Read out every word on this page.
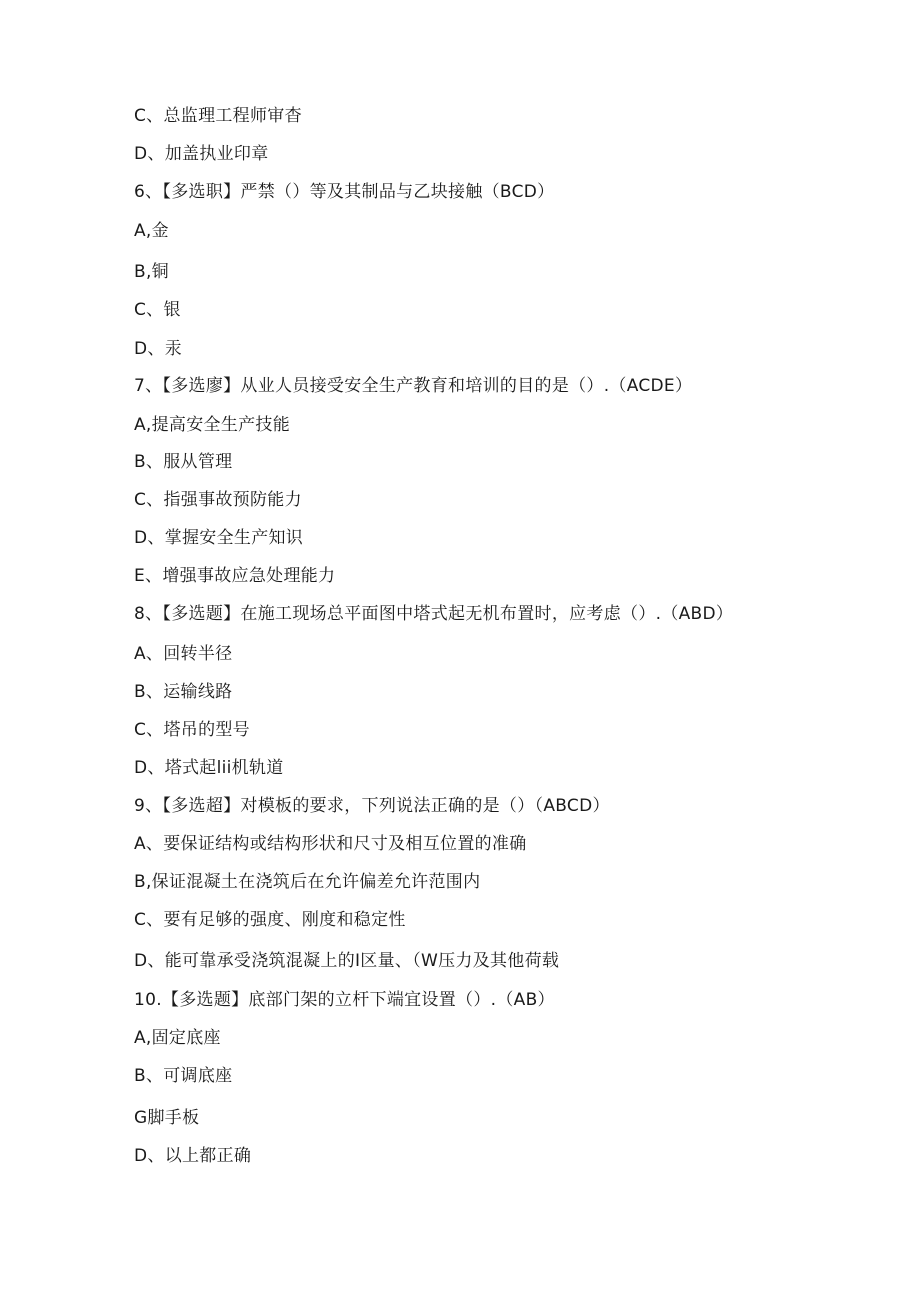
C、总监理工程师审杳
D、加盖执业印章
6、【多选职】严禁（）等及其制品与乙块接触（BCD）
A,金
B,铜
C、银
D、汞
7、【多选廖】从业人员接受安全生产教育和培训的目的是（）.（ACDE）
A,提高安全生产技能
B、服从管理
C、指强事故预防能力
D、掌握安全生产知识
E、增强事故应急处理能力
8、【多选题】在施工现场总平面图中塔式起无机布置时，应考虑（）.（ABD）
A、回转半径
B、运输线路
C、塔吊的型号
D、塔式起lii机轨道
9、【多选超】对模板的要求，下列说法正确的是（）（ABCD）
A、要保证结构或结构形状和尺寸及相互位置的准确
B,保证混凝土在浇筑后在允许偏差允许范围内
C、要有足够的强度、刚度和稳定性
D、能可靠承受浇筑混凝上的I区量、（W压力及其他荷载
10.【多选题】底部门架的立杆下端宜设置（）.（AB）
A,固定底座
B、可调底座
G脚手板
D、以上都正确
